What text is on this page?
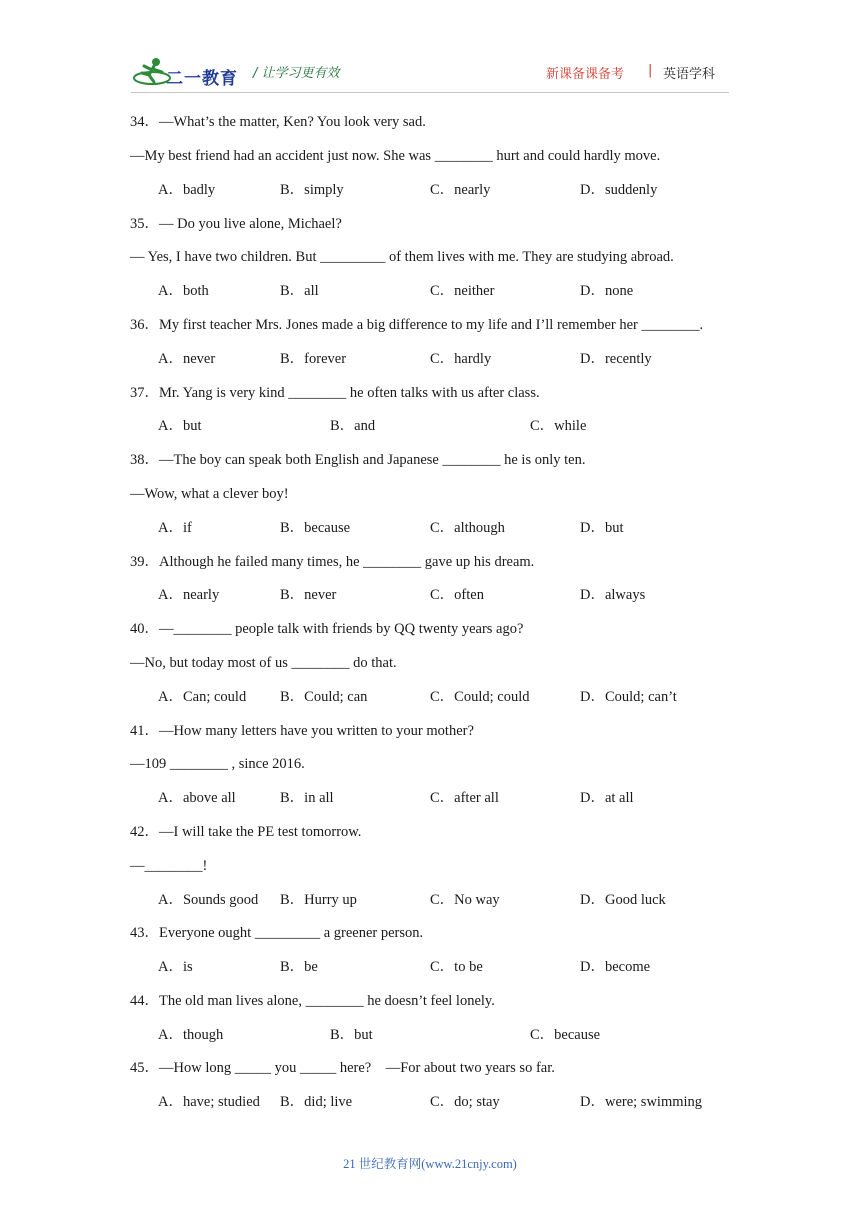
二一教育 / 让学习更有效	新课备课备考 | 英语学科
34．—What’s the matter, Ken? You look very sad.
—My best friend had an accident just now. She was ________ hurt and could hardly move.
A．badly	B．simply	C．nearly	D．suddenly
35．— Do you live alone, Michael?
— Yes, I have two children. But _________ of them lives with me. They are studying abroad.
A．both	B．all	C．neither	D．none
36．My first teacher Mrs. Jones made a big difference to my life and I’ll remember her ________.
A．never	B．forever	C．hardly	D．recently
37．Mr. Yang is very kind ________ he often talks with us after class.
A．but	B．and	C．while
38．—The boy can speak both English and Japanese ________ he is only ten.
—Wow, what a clever boy!
A．if	B．because	C．although	D．but
39．Although he failed many times, he ________ gave up his dream.
A．nearly	B．never	C．often	D．always
40．—________ people talk with friends by QQ twenty years ago?
—No, but today most of us ________ do that.
A．Can; could B．Could; can	C．Could; could	D．Could; can’t
41．—How many letters have you written to your mother?
—109 ________ , since 2016.
A．above all	B．in all	C．after all	D．at all
42．—I will take the PE test tomorrow.
—________!
A．Sounds good B．Hurry up	C．No way	D．Good luck
43．Everyone ought _________ a greener person.
A．is	B．be	C．to be	D．become
44．The old man lives alone, ________ he doesn’t feel lonely.
A．though	B．but	C．because
45．—How long _____ you _____ here?　—For about two years so far.
A．have; studied B．did; live	C．do; stay	D．were; swimming
21 世纪教育网(www.21cnjy.com)
